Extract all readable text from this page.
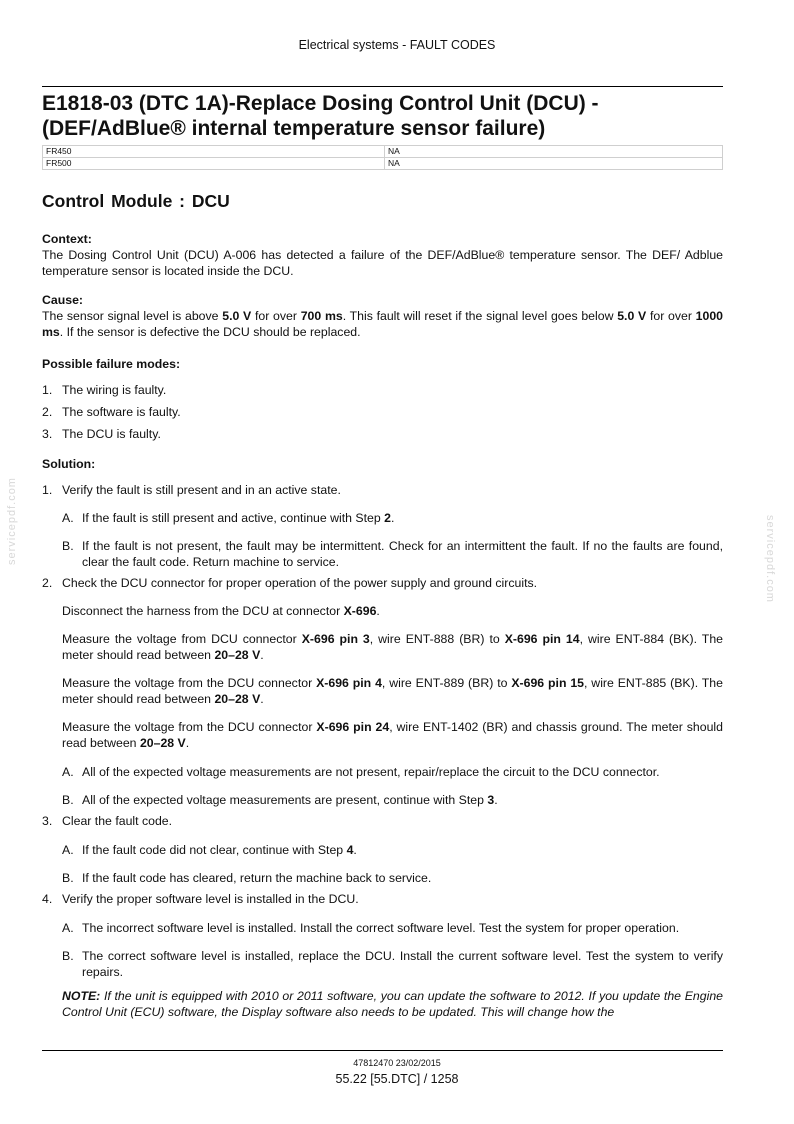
Electrical systems - FAULT CODES
E1818-03 (DTC 1A)-Replace Dosing Control Unit (DCU) -
(DEF/AdBlue® internal temperature sensor failure)
FR450	NA
FR500	NA
Control Module : DCU

Context:

The Dosing Control Unit (DCU) A-006 has detected a failure of the DEF/AdBlue® temperature sensor. The DEF/ Adblue temperature sensor is located inside the DCU.

Cause:

The sensor signal level is above 5.0 V for over 700 ms. This fault will reset if the signal level goes below 5.0 V for over 1000 ms. If the sensor is defective the DCU should be replaced.

Possible failure modes:

1. The wiring is faulty.
2. The software is faulty.
3. The DCU is faulty.

Solution:

1. Verify the fault is still present and in an active state.
A. If the fault is still present and active, continue with Step 2.
B. If the fault is not present, the fault may be intermittent. Check for an intermittent the fault. If no the faults are found, clear the fault code. Return machine to service.
2. Check the DCU connector for proper operation of the power supply and ground circuits.

Disconnect the harness from the DCU at connector X-696.

Measure the voltage from DCU connector X-696 pin 3, wire ENT-888 (BR) to X-696 pin 14, wire ENT-884 (BK). The meter should read between 20–28 V.

Measure the voltage from the DCU connector X-696 pin 4, wire ENT-889 (BR) to X-696 pin 15, wire ENT-885 (BK). The meter should read between 20–28 V.

Measure the voltage from the DCU connector X-696 pin 24, wire ENT-1402 (BR) and chassis ground. The meter should read between 20–28 V.

A. All of the expected voltage measurements are not present, repair/replace the circuit to the DCU connector.
B. All of the expected voltage measurements are present, continue with Step 3.
3. Clear the fault code.
A. If the fault code did not clear, continue with Step 4.
B. If the fault code has cleared, return the machine back to service.
4. Verify the proper software level is installed in the DCU.
A. The incorrect software level is installed. Install the correct software level. Test the system for proper operation.
B. The correct software level is installed, replace the DCU. Install the current software level. Test the system to verify repairs.

NOTE: If the unit is equipped with 2010 or 2011 software, you can update the software to 2012. If you update the Engine Control Unit (ECU) software, the Display software also needs to be updated. This will change how the

servicepdf.com	servicepdf.com
47812470 23/02/2015
55.22 [55.DTC] / 1258
